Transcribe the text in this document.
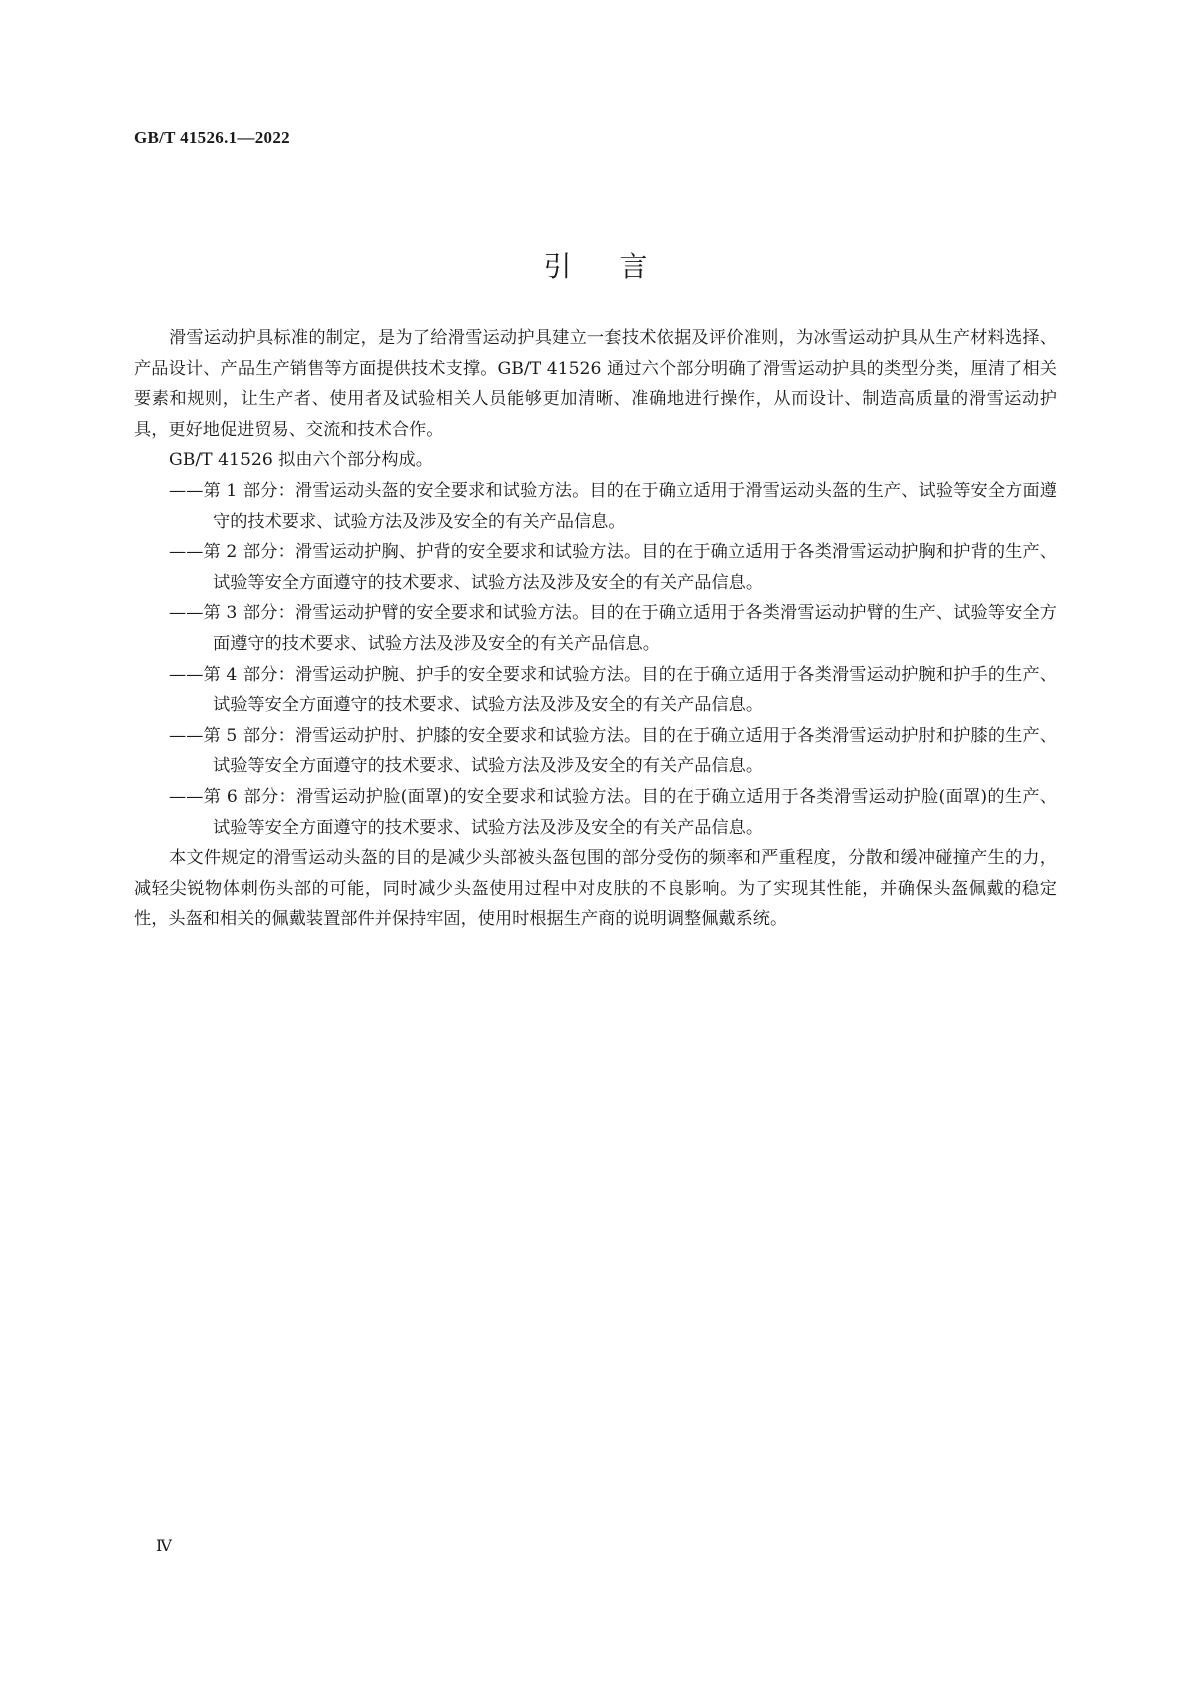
GB/T 41526.1—2022
引言

滑雪运动护具标准的制定，是为了给滑雪运动护具建立一套技术依据及评价准则，为冰雪运动护具从生产材料选择、产品设计、产品生产销售等方面提供技术支撑。GB/T 41526 通过六个部分明确了滑雪运动护具的类型分类，厘清了相关要素和规则，让生产者、使用者及试验相关人员能够更加清晰、准确地进行操作，从而设计、制造高质量的滑雪运动护具，更好地促进贸易、交流和技术合作。

GB/T 41526 拟由六个部分构成。

——第 1 部分：滑雪运动头盔的安全要求和试验方法。目的在于确立适用于滑雪运动头盔的生产、试验等安全方面遵守的技术要求、试验方法及涉及安全的有关产品信息。

——第 2 部分：滑雪运动护胸、护背的安全要求和试验方法。目的在于确立适用于各类滑雪运动护胸和护背的生产、试验等安全方面遵守的技术要求、试验方法及涉及安全的有关产品信息。

——第 3 部分：滑雪运动护臂的安全要求和试验方法。目的在于确立适用于各类滑雪运动护臂的生产、试验等安全方面遵守的技术要求、试验方法及涉及安全的有关产品信息。

——第 4 部分：滑雪运动护腕、护手的安全要求和试验方法。目的在于确立适用于各类滑雪运动护腕和护手的生产、试验等安全方面遵守的技术要求、试验方法及涉及安全的有关产品信息。

——第 5 部分：滑雪运动护肘、护膝的安全要求和试验方法。目的在于确立适用于各类滑雪运动护肘和护膝的生产、试验等安全方面遵守的技术要求、试验方法及涉及安全的有关产品信息。

——第 6 部分：滑雪运动护脸(面罩)的安全要求和试验方法。目的在于确立适用于各类滑雪运动护脸(面罩)的生产、试验等安全方面遵守的技术要求、试验方法及涉及安全的有关产品信息。

本文件规定的滑雪运动头盔的目的是减少头部被头盔包围的部分受伤的频率和严重程度，分散和缓冲碰撞产生的力，减轻尖锐物体刺伤头部的可能，同时减少头盔使用过程中对皮肤的不良影响。为了实现其性能，并确保头盔佩戴的稳定性，头盔和相关的佩戴装置部件并保持牢固，使用时根据生产商的说明调整佩戴系统。

Ⅳ
